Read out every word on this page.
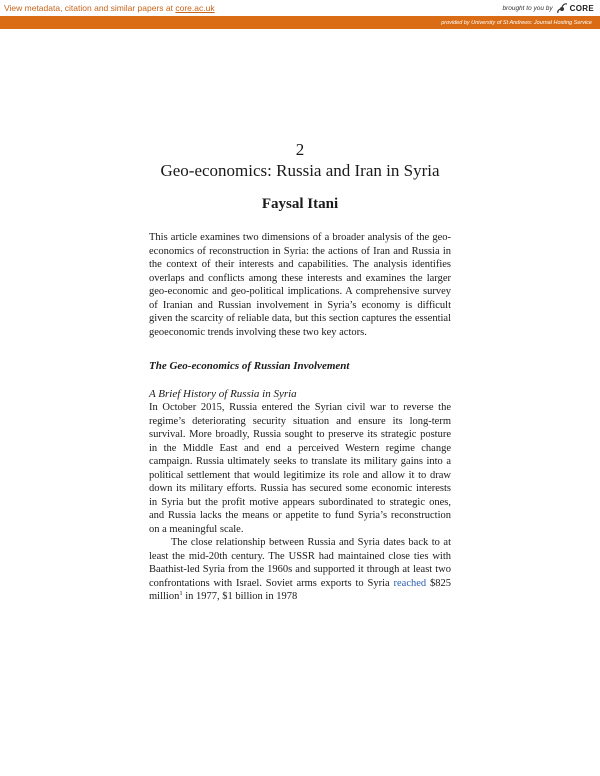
View metadata, citation and similar papers at core.ac.uk	brought to you by CORE
provided by University of St Andrews: Journal Hosting Service
2
Geo-economics: Russia and Iran in Syria
Faysal Itani

This article examines two dimensions of a broader analysis of the geo-economics of reconstruction in Syria: the actions of Iran and Russia in the context of their interests and capabilities. The analysis identifies overlaps and conflicts among these interests and examines the larger geo-economic and geo-political implications. A comprehensive survey of Iranian and Russian involvement in Syria’s economy is difficult given the scarcity of reliable data, but this section captures the essential geoeconomic trends involving these two key actors.

The Geo-economics of Russian Involvement
A Brief History of Russia in Syria

In October 2015, Russia entered the Syrian civil war to reverse the regime’s deteriorating security situation and ensure its long-term survival. More broadly, Russia sought to preserve its strategic posture in the Middle East and end a perceived Western regime change campaign. Russia ultimately seeks to translate its military gains into a political settlement that would legitimize its role and allow it to draw down its military efforts. Russia has secured some economic interests in Syria but the profit motive appears subordinated to strategic ones, and Russia lacks the means or appetite to fund Syria’s reconstruction on a meaningful scale.

The close relationship between Russia and Syria dates back to at least the mid-20th century. The USSR had maintained close ties with Baathist-led Syria from the 1960s and supported it through at least two confrontations with Israel. Soviet arms exports to Syria reached $825 million$^1$ in 1977, $1 billion in 1978
